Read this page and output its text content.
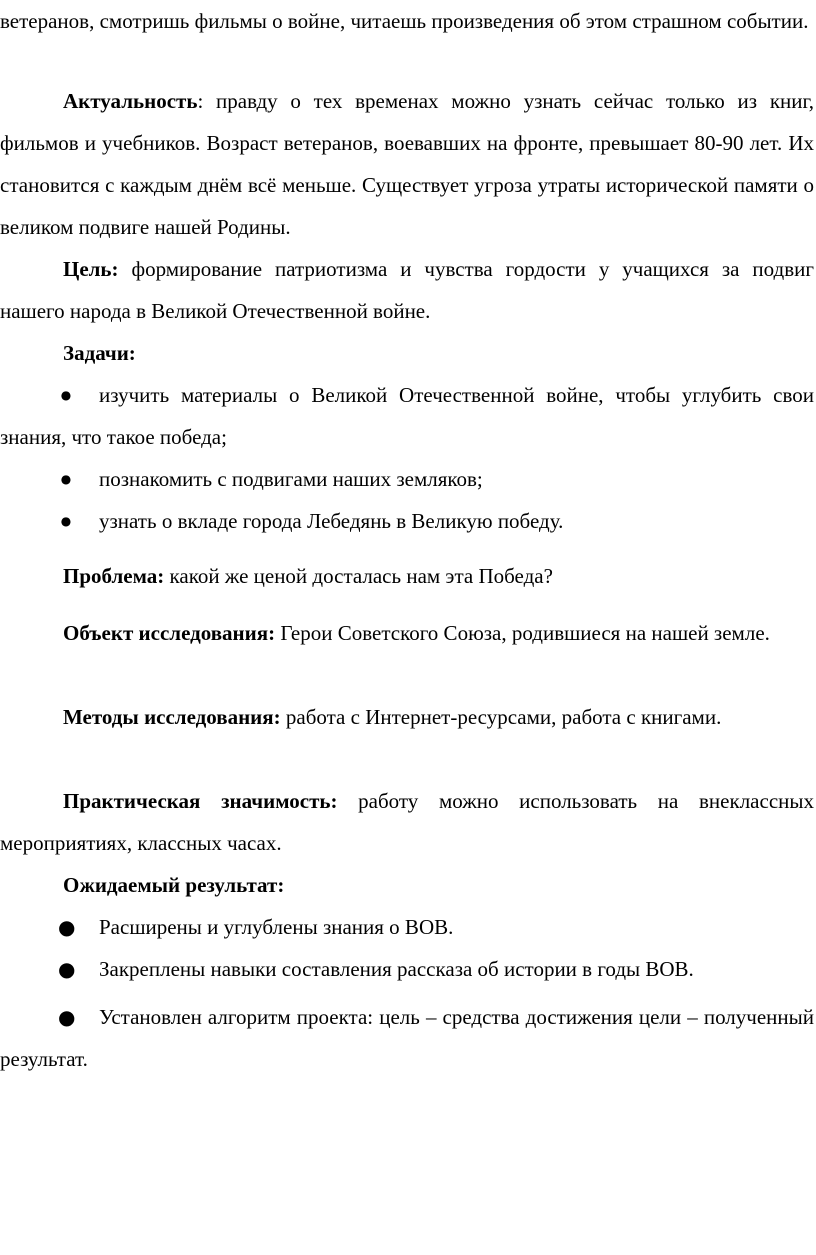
ветеранов, смотришь фильмы о войне, читаешь произведения об этом страшном событии.

Актуальность: правду о тех временах можно узнать сейчас только из книг, фильмов и учебников. Возраст ветеранов, воевавших на фронте, превышает 80-90 лет. Их становится с каждым днём всё меньше. Существует угроза утраты исторической памяти о великом подвиге нашей Родины.

Цель: формирование патриотизма и чувства гордости у учащихся за подвиг нашего народа в Великой Отечественной войне.

Задачи:

●	изучить материалы о Великой Отечественной войне, чтобы углубить свои знания, что такое победа;
●	познакомить с подвигами наших земляков;
●	узнать о вкладе города Лебедянь в Великую победу.

Проблема: какой же ценой досталась нам эта Победа?

Объект исследования: Герои Советского Союза, родившиеся на нашей земле.

Методы исследования: работа с Интернет-ресурсами, работа с книгами.

Практическая значимость: работу можно использовать на внеклассных мероприятиях, классных часах.

Ожидаемый результат:

●	Расширены и углублены знания о ВОВ.
●	Закреплены навыки составления рассказа об истории в годы ВОВ.
●	Установлен алгоритм проекта: цель – средства достижения цели – полученный результат.
